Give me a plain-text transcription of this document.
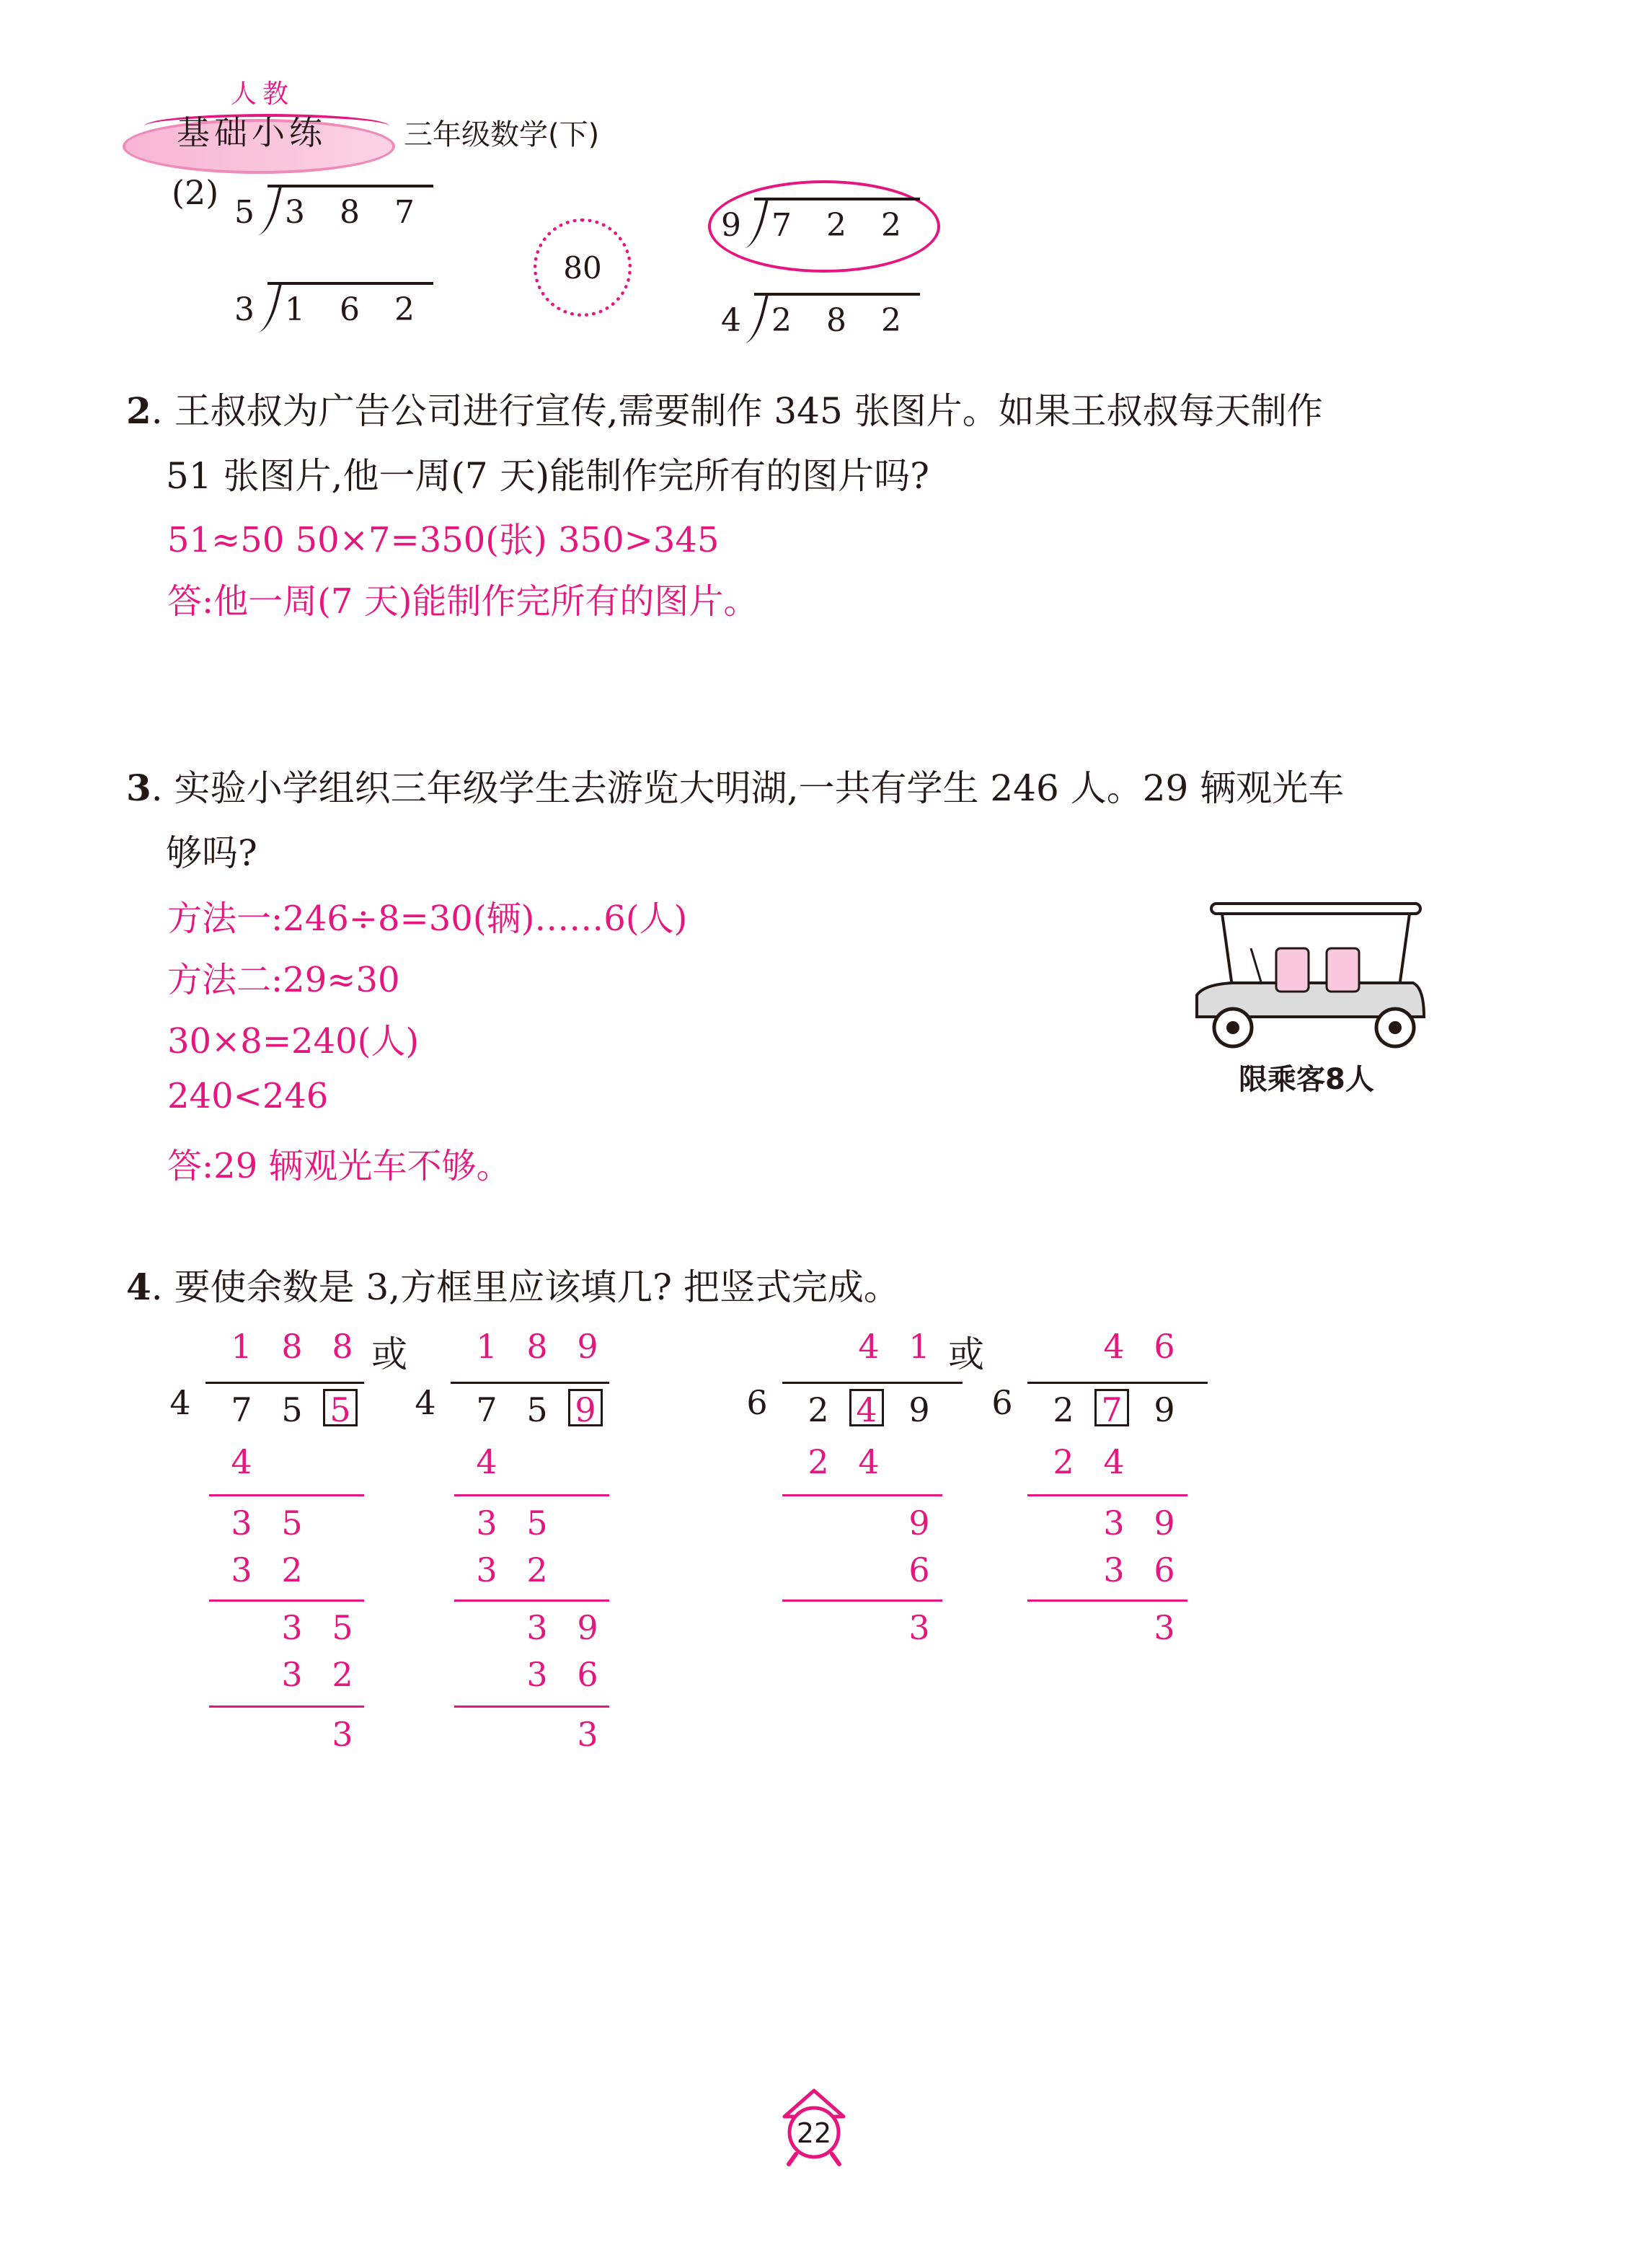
人教
基础小练	三年级数学(下)
(2)
5 3 8 7
3 1 6 2
80
9 7 2 2
4 2 8 2
2. 王叔叔为广告公司进行宣传,需要制作 345 张图片。如果王叔叔每天制作
51 张图片,他一周(7 天)能制作完所有的图片吗?
51≈50 50×7=350(张) 350>345
答:他一周(7 天)能制作完所有的图片。
3. 实验小学组织三年级学生去游览大明湖,一共有学生 246 人。29 辆观光车
够吗?
方法一:246÷8=30(辆)……6(人)
方法二:29≈30
30×8=240(人)
240<246
答:29 辆观光车不够。
限乘客8人
4. 要使余数是 3,方框里应该填几? 把竖式完成。
1 8 8 或
4 7 5 5
4
3 5
3 2
3 5
3 2
3
1 8 9
4 7 5 9
4
3 5
3 2
3 9
3 6
3
4 1 或
6 2 4 9
2 4
9
6
3
4 6
6 2 7 9
2 4
3 9
3 6
3
22
